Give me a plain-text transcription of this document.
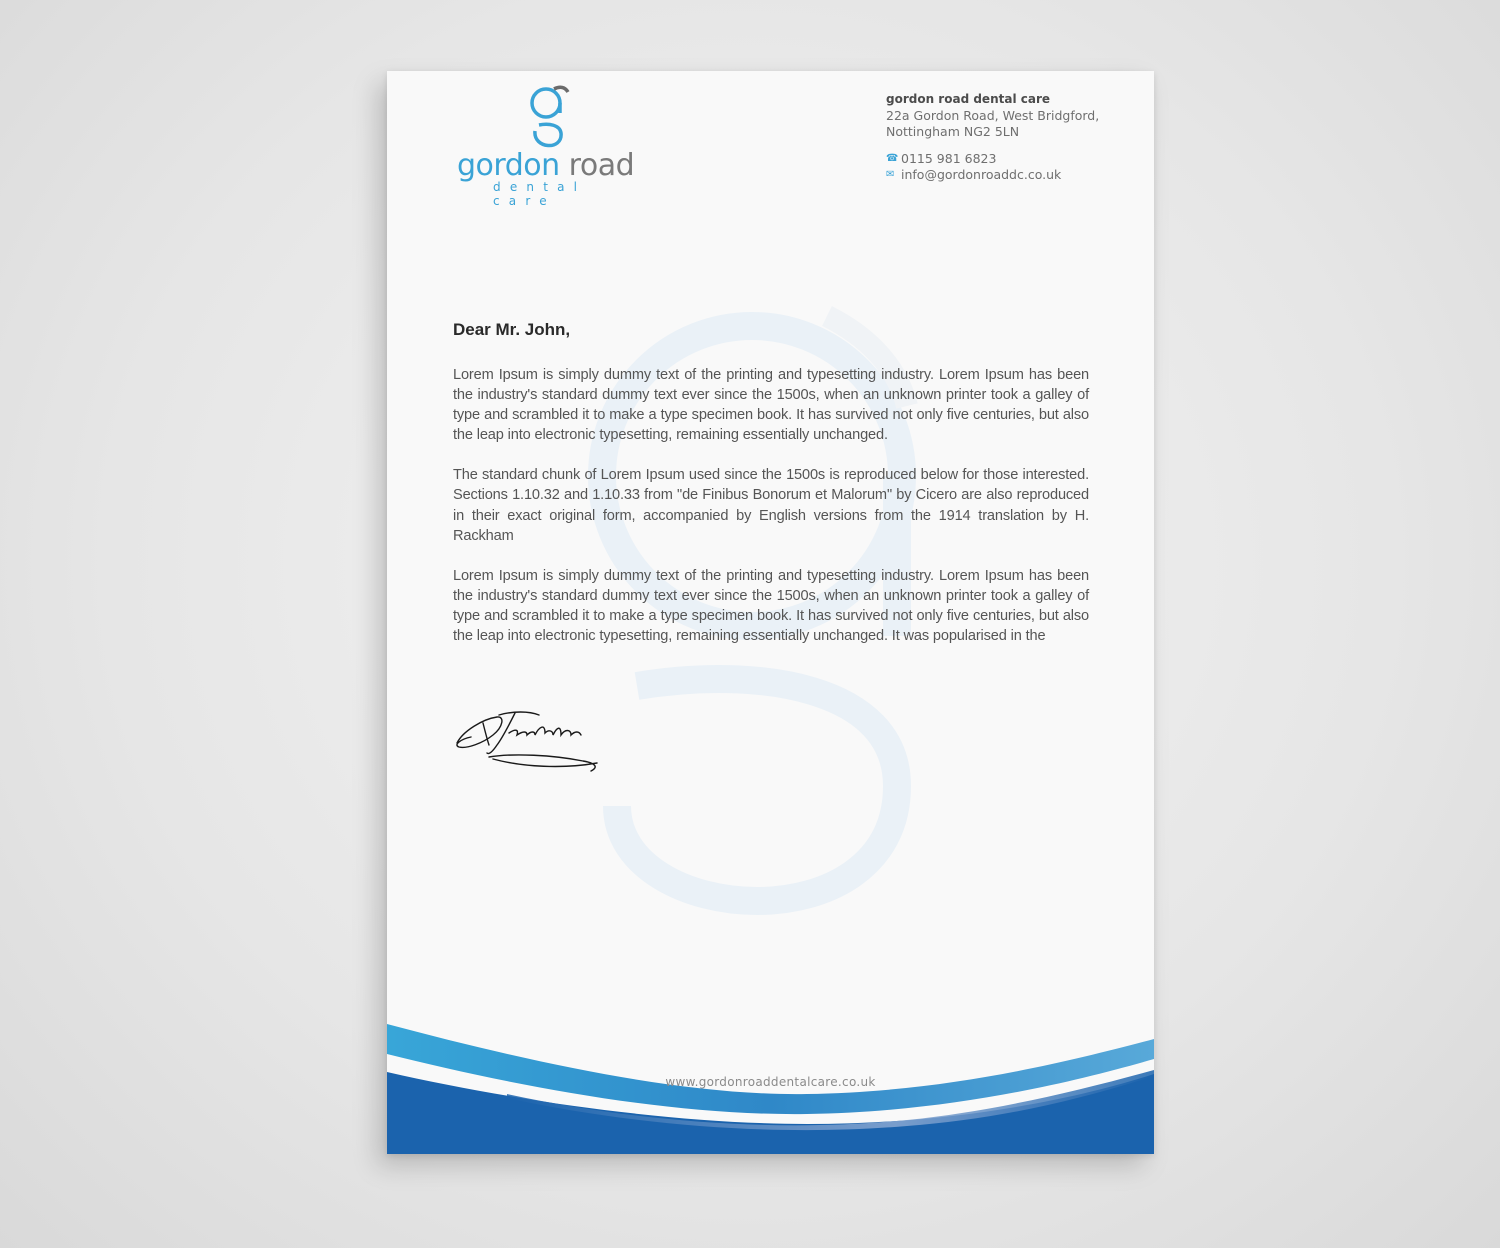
gordon road
dental care
gordon road dental care
22a Gordon Road, West Bridgford,
Nottingham NG2 5LN
☎ 0115 981 6823
✉ info@gordonroaddc.co.uk
Dear Mr. John,

Lorem Ipsum is simply dummy text of the printing and typesetting industry. Lorem Ipsum has been the industry's standard dummy text ever since the 1500s, when an unknown printer took a galley of type and scrambled it to make a type specimen book. It has survived not only five centuries, but also the leap into electronic typesetting, remaining essentially unchanged.

The standard chunk of Lorem Ipsum used since the 1500s is reproduced below for those interested. Sections 1.10.32 and 1.10.33 from "de Finibus Bonorum et Malorum" by Cicero are also reproduced in their exact original form, accompanied by English versions from the 1914 translation by H. Rackham

Lorem Ipsum is simply dummy text of the printing and typesetting industry. Lorem Ipsum has been the industry's standard dummy text ever since the 1500s, when an unknown printer took a galley of type and scrambled it to make a type specimen book. It has survived not only five centuries, but also the leap into electronic typesetting, remaining essentially unchanged. It was popularised in the

www.gordonroaddentalcare.co.uk
